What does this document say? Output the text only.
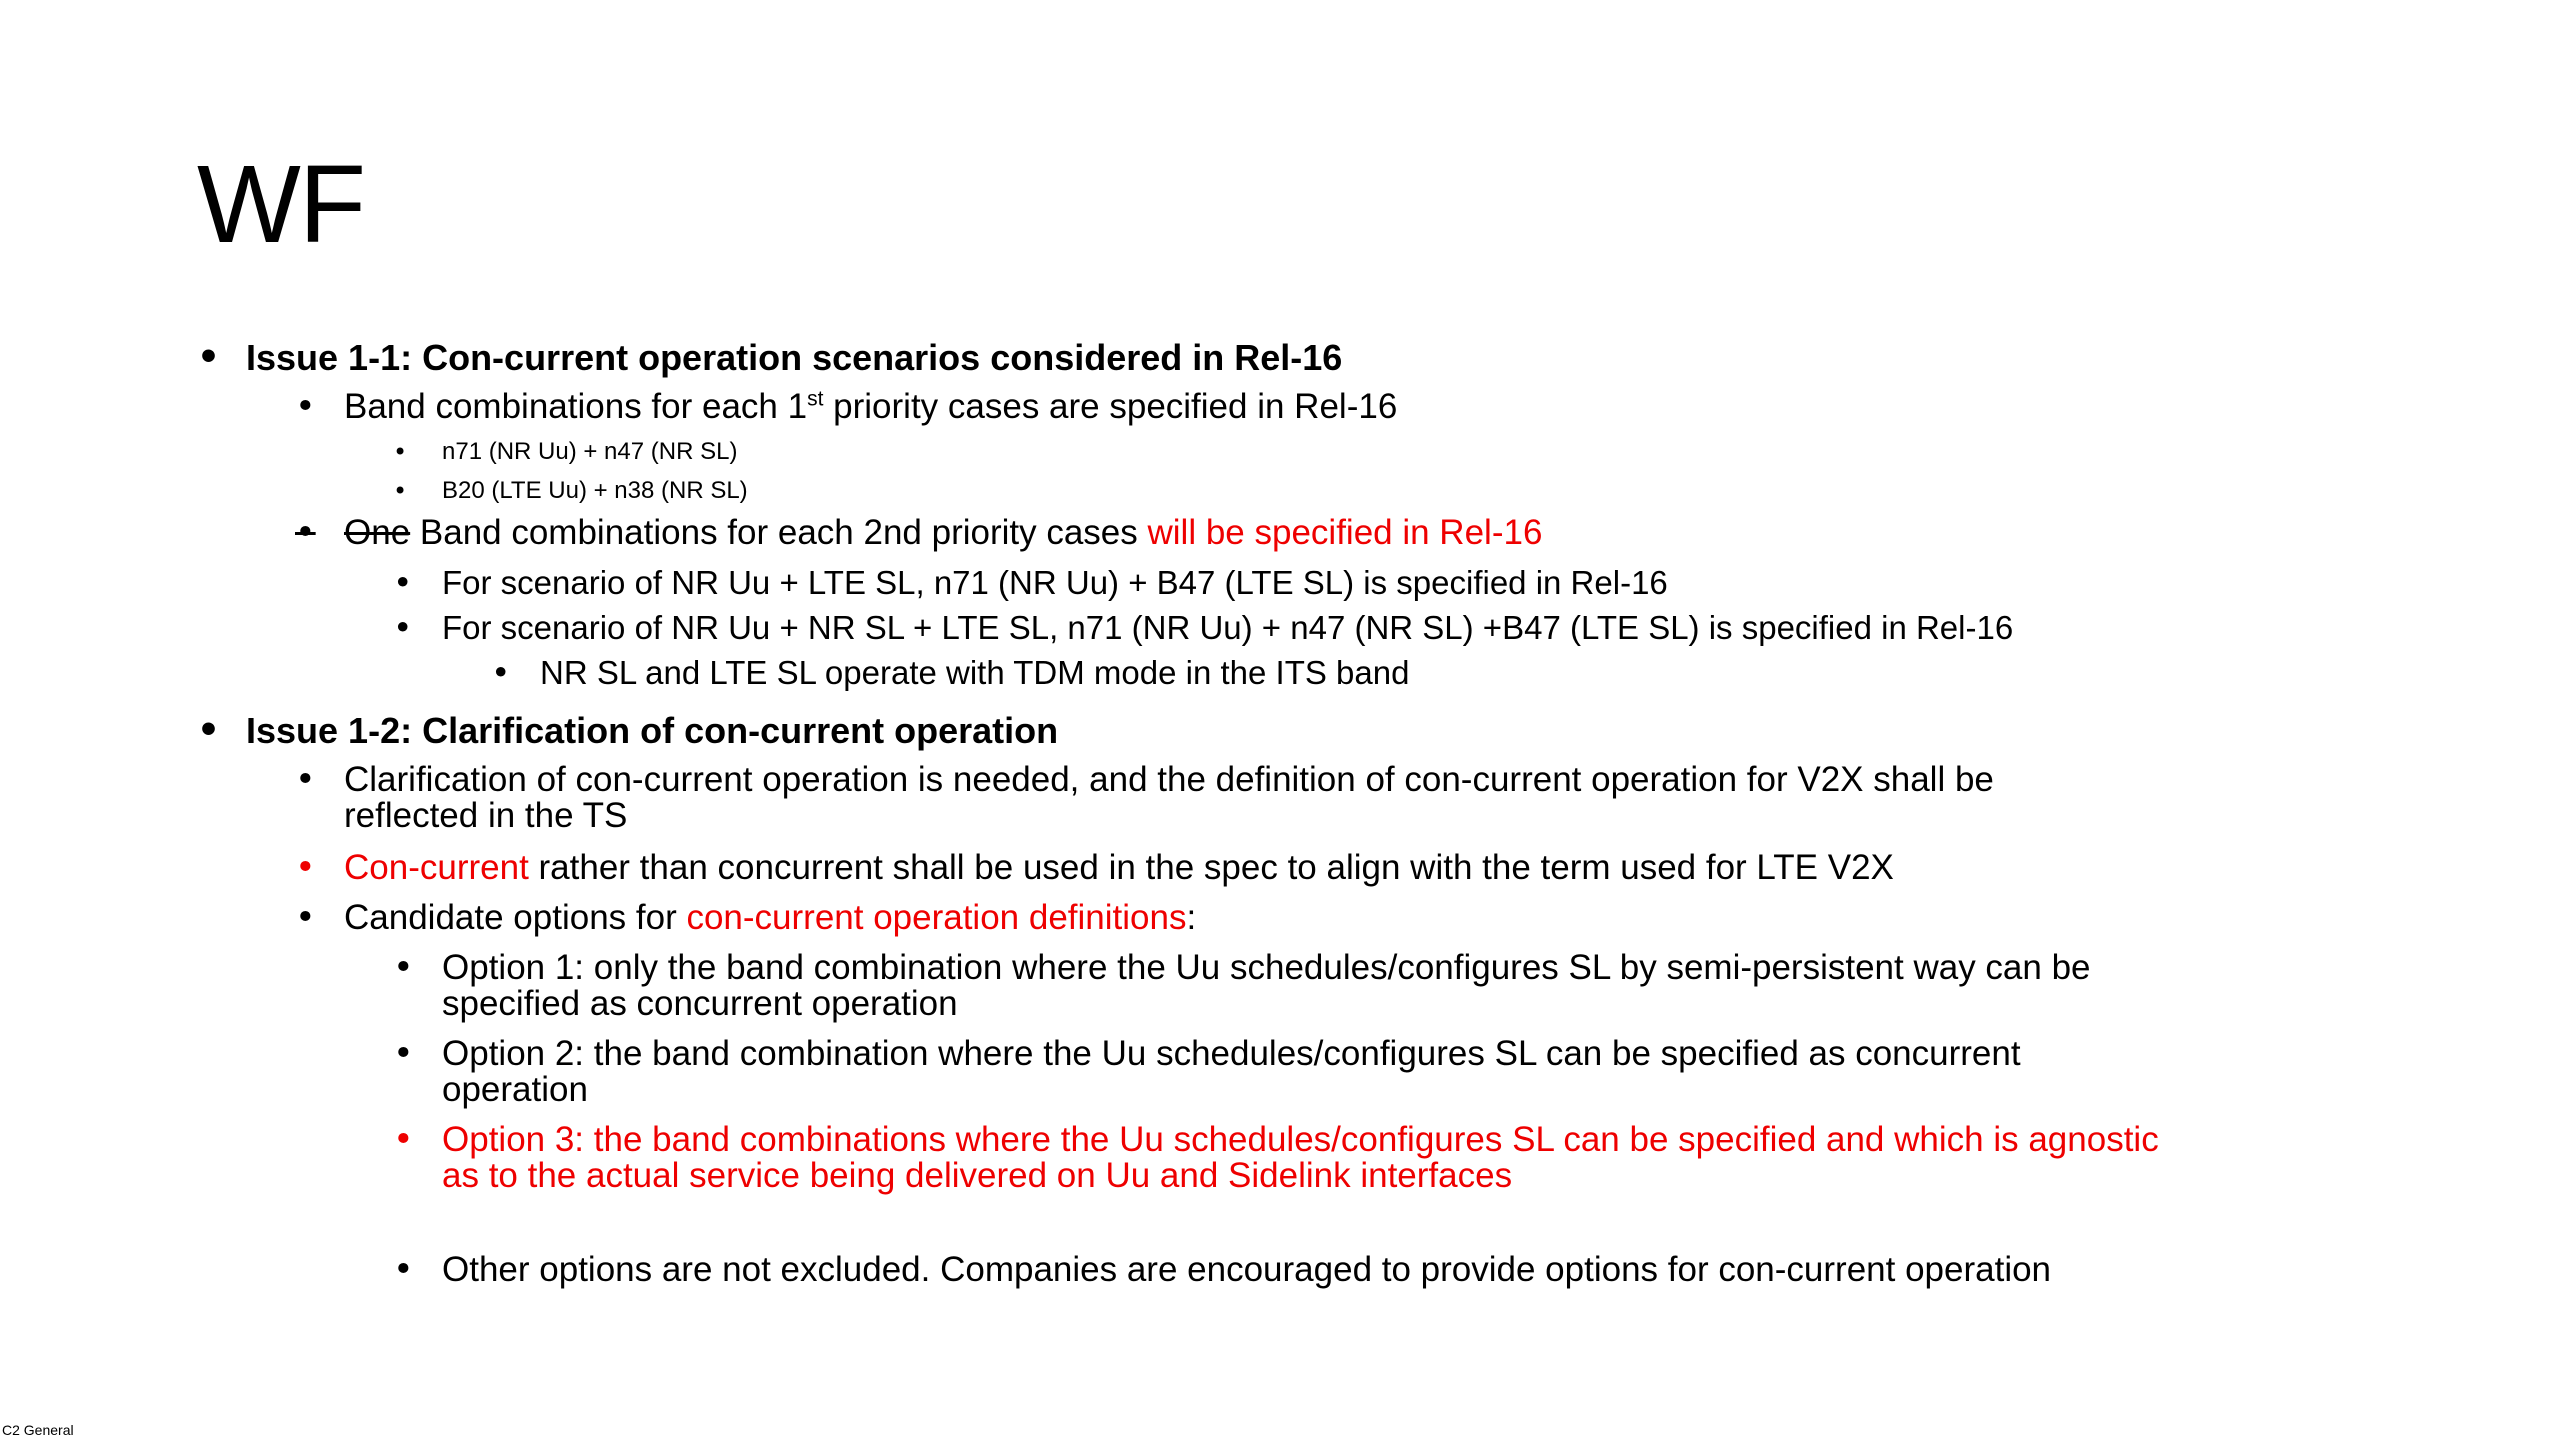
WF
• Issue 1-1: Con-current operation scenarios considered in Rel-16
• Band combinations for each 1st priority cases are specified in Rel-16
• n71 (NR Uu) + n47 (NR SL)
• B20 (LTE Uu) + n38 (NR SL)
• One Band combinations for each 2nd priority cases will be specified in Rel-16
• For scenario of NR Uu + LTE SL, n71 (NR Uu) + B47 (LTE SL) is specified in Rel-16
• For scenario of NR Uu + NR SL + LTE SL, n71 (NR Uu) + n47 (NR SL) +B47 (LTE SL) is specified in Rel-16
• NR SL and LTE SL operate with TDM mode in the ITS band
• Issue 1-2: Clarification of con-current operation
• Clarification of con-current operation is needed, and the definition of con-current operation for V2X shall be
reflected in the TS
• Con-current rather than concurrent shall be used in the spec to align with the term used for LTE V2X
• Candidate options for con-current operation definitions:
• Option 1: only the band combination where the Uu schedules/configures SL by semi-persistent way can be
specified as concurrent operation
• Option 2: the band combination where the Uu schedules/configures SL can be specified as concurrent
operation
• Option 3: the band combinations where the Uu schedules/configures SL can be specified and which is agnostic
as to the actual service being delivered on Uu and Sidelink interfaces
• Other options are not excluded. Companies are encouraged to provide options for con-current operation
C2 General
